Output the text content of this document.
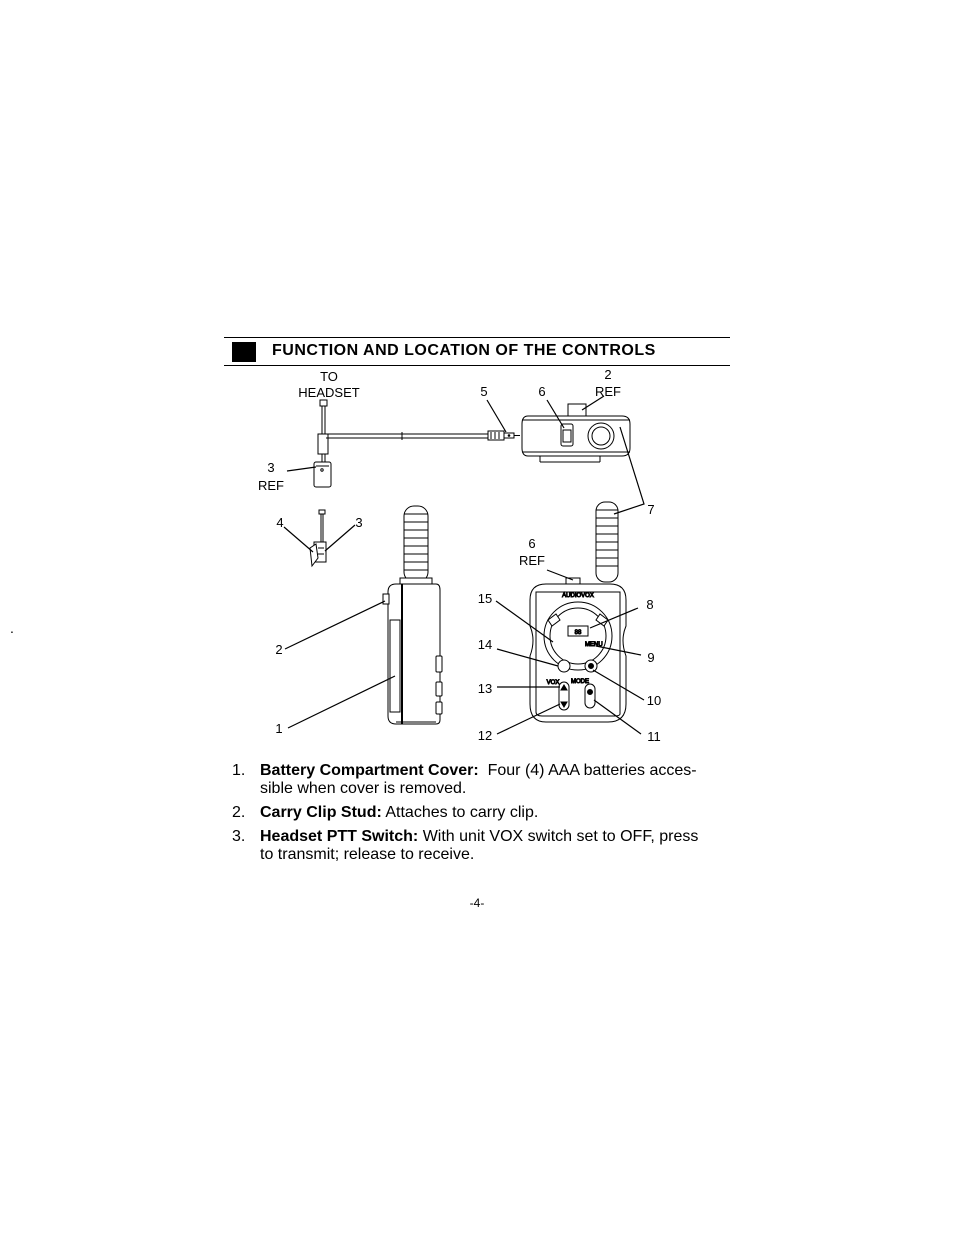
FUNCTION AND LOCATION OF THE CONTROLS
.
AUDIOVOX
88
MENU
VOX MODE
TO
HEADSET	5	6
2
REF
3
REF
4	3
7
6
REF
15	8
14
9
13
10
12	11
2
1
1. Battery Compartment Cover: Four (4) AAA batteries acces-
sible when cover is removed.
2. Carry Clip Stud: Attaches to carry clip.
3. Headset PTT Switch: With unit VOX switch set to OFF, press
to transmit; release to receive.
-4-
